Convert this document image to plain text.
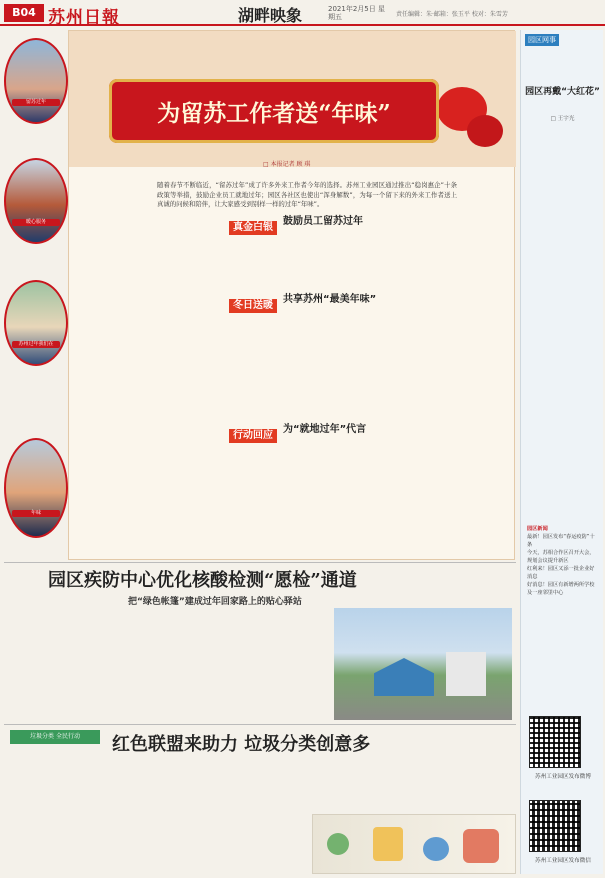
B04 苏州日報	湖畔映象	2021年2月5日 星期五	责任编辑：朱·邮箱：张玉平 校对：朱雪芳
留苏过年
暖心服务
苏州过年我们在
年味
为留苏工作者送“年味”
□ 本报记者 顾 琪
随着春节不断临近，“留苏过年”成了许多外来工作者今年的选择。苏州工业园区通过推出“稳岗惠企”十条政策等举措，鼓励企业员工就地过年；园区各社区也使出“浑身解数”，为每一个留下来的外来工作者送上真诚的问候和陪伴，让大家感受到别样一样的过年“年味”。
真金白银鼓励员工留苏过年
冬日送暖共享苏州“最美年味”
行动回应为“就地过年”代言
园区疾防中心优化核酸检测“愿检”通道
把“绿色帐篷”建成过年回家路上的贴心驿站
垃圾分类 全民行动	红色联盟来助力 垃圾分类创意多
园区网事
园区再戴“大红花”
□ 王宇光
园区新闻
最新！园区发布“春运疫防”十条
今天，苏相合作区召开大会，规划会议提升新区
红利来！园区又添一批企业好消息
好消息！园区有新增两所学校及一座邻里中心
苏州工业园区发布微博
苏州工业园区发布微信
